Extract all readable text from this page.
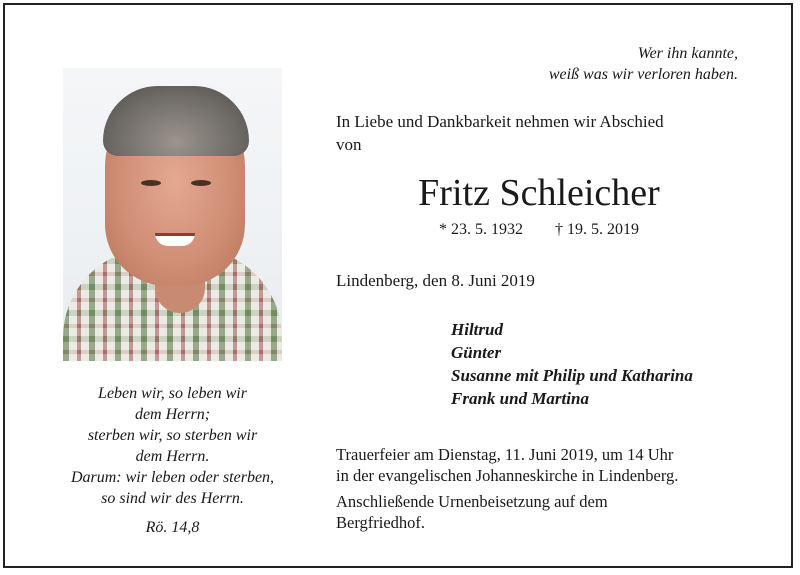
Wer ihn kannte,
weiß was wir verloren haben.
Leben wir, so leben wir
dem Herrn;
sterben wir, so sterben wir
dem Herrn.
Darum: wir leben oder sterben,
so sind wir des Herrn.
Rö. 14,8
In Liebe und Dankbarkeit nehmen wir Abschied
von
Fritz Schleicher
* 23. 5. 1932 † 19. 5. 2019
Lindenberg, den 8. Juni 2019
Hiltrud
Günter
Susanne mit Philip und Katharina
Frank und Martina
Trauerfeier am Dienstag, 11. Juni 2019, um 14 Uhr
in der evangelischen Johanneskirche in Lindenberg.
Anschließende Urnenbeisetzung auf dem
Bergfriedhof.
